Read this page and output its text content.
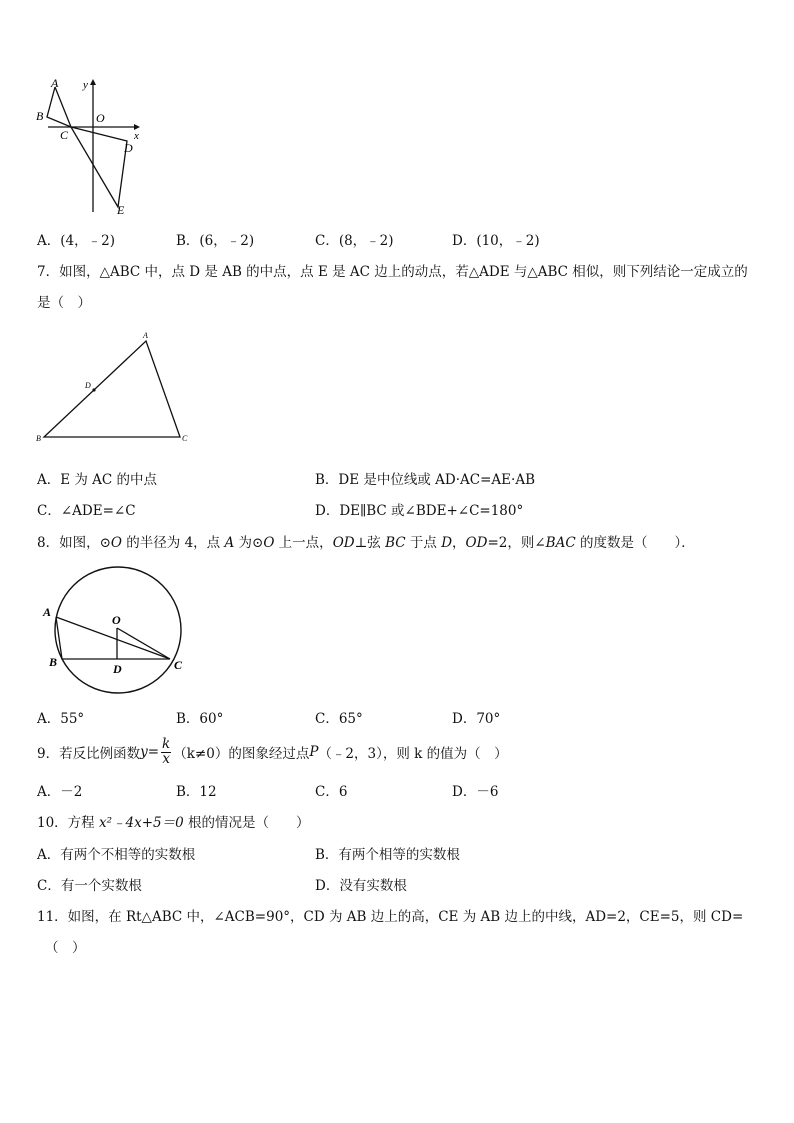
A
B
C
O
D
E
x
y
A．(4，﹣2)	B．(6，﹣2)	C．(8，﹣2)	D．(10，﹣2)
7．如图，△ABC 中，点 D 是 AB 的中点，点 E 是 AC 边上的动点，若△ADE 与△ABC 相似，则下列结论一定成立的
是（　）
A
B	C
D
A．E 为 AC 的中点	B．DE 是中位线或 AD·AC=AE·AB
C．∠ADE=∠C	D．DE∥BC 或∠BDE+∠C=180°
8．如图，⊙O 的半径为 4，点 A 为⊙O 上一点，OD⊥弦 BC 于点 D，OD=2，则∠BAC 的度数是（　　）．
A
B	C
D
O
A．55°	B．60°	C．65°	D．70°
9．若反比例函数 $y= \frac{k}{x} (k\ne 0)$的图象经过点 P （﹣2，3），则 k 的值为（　）
A．－2	B．12	C．6	D．－6
10．方程 x²﹣4x+5＝0 根的情况是（　　）
A．有两个不相等的实数根	B．有两个相等的实数根
C．有一个实数根	D．没有实数根
11．如图，在 Rt△ABC 中，∠ACB=90°，CD 为 AB 边上的高，CE 为 AB 边上的中线，AD=2，CE=5，则 CD=
（　）
